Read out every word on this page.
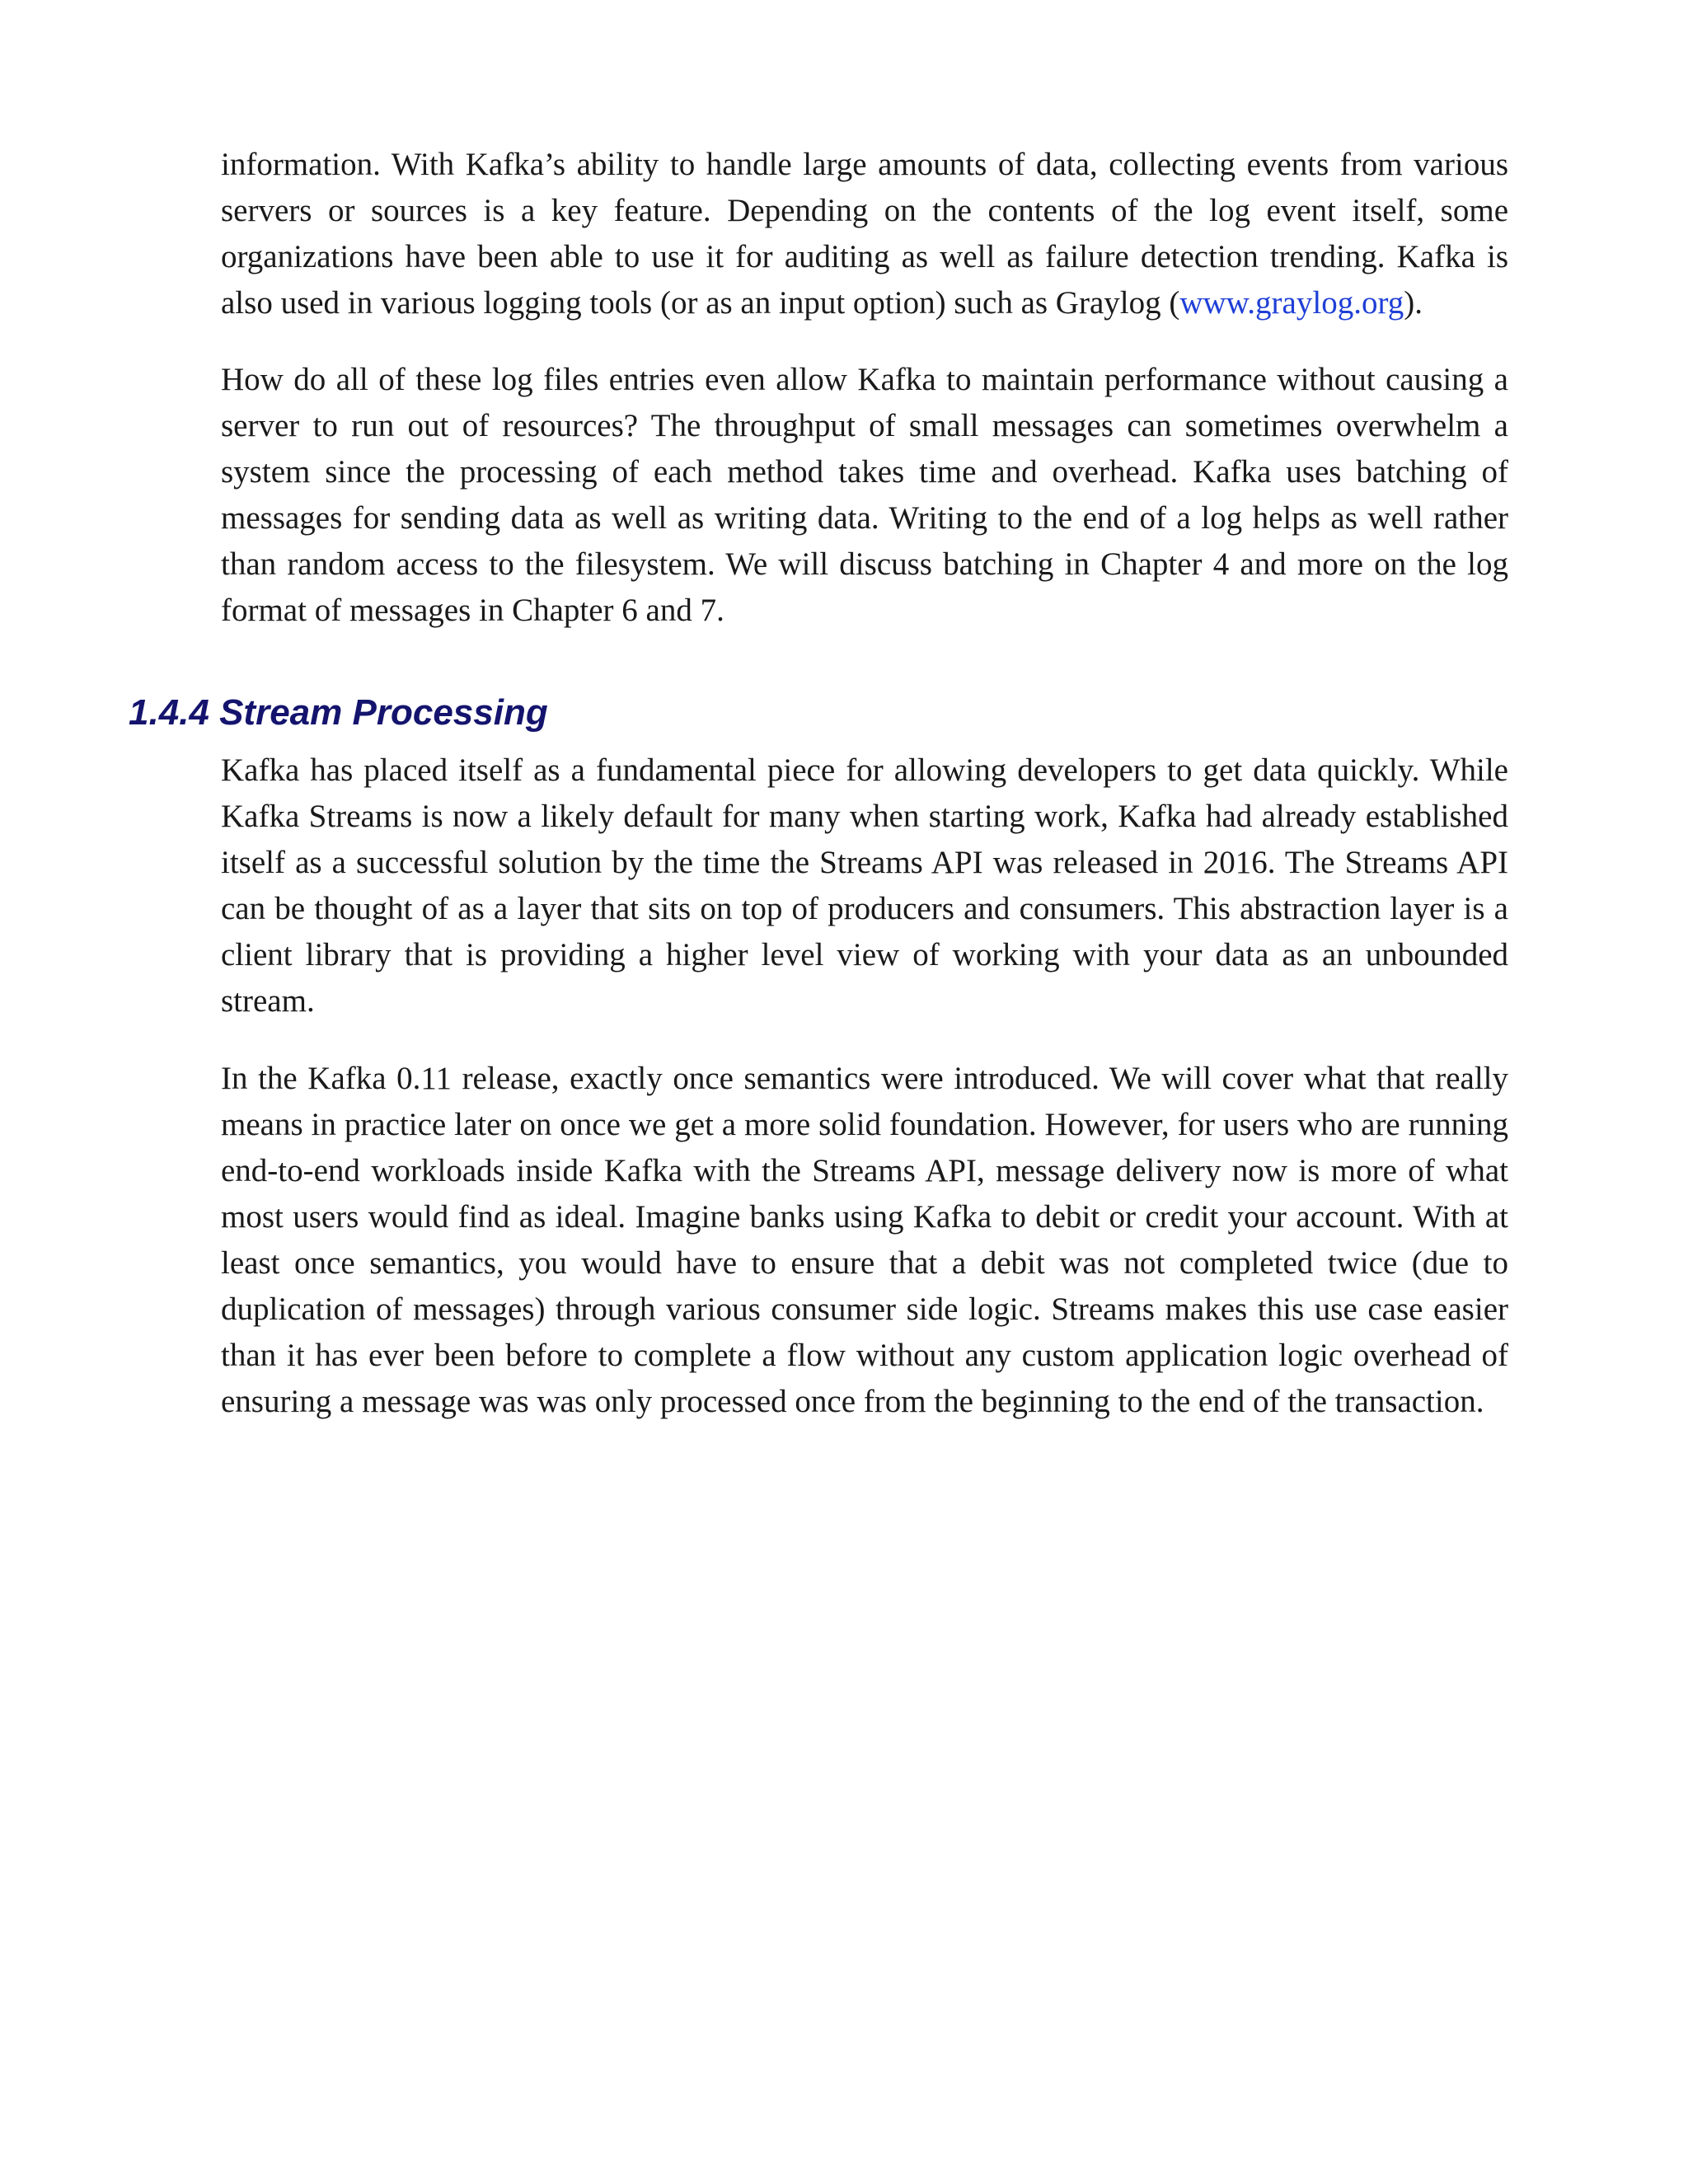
information. With Kafka’s ability to handle large amounts of data, collecting events from various servers or sources is a key feature. Depending on the contents of the log event itself, some organizations have been able to use it for auditing as well as failure detection trending. Kafka is also used in various logging tools (or as an input option) such as Graylog (www.graylog.org).

How do all of these log files entries even allow Kafka to maintain performance without causing a server to run out of resources? The throughput of small messages can sometimes overwhelm a system since the processing of each method takes time and overhead. Kafka uses batching of messages for sending data as well as writing data. Writing to the end of a log helps as well rather than random access to the filesystem. We will discuss batching in Chapter 4 and more on the log format of messages in Chapter 6 and 7.

1.4.4 Stream Processing

Kafka has placed itself as a fundamental piece for allowing developers to get data quickly. While Kafka Streams is now a likely default for many when starting work, Kafka had already established itself as a successful solution by the time the Streams API was released in 2016. The Streams API can be thought of as a layer that sits on top of producers and consumers. This abstraction layer is a client library that is providing a higher level view of working with your data as an unbounded stream.

In the Kafka 0.11 release, exactly once semantics were introduced. We will cover what that really means in practice later on once we get a more solid foundation. However, for users who are running end-to-end workloads inside Kafka with the Streams API, message delivery now is more of what most users would find as ideal. Imagine banks using Kafka to debit or credit your account. With at least once semantics, you would have to ensure that a debit was not completed twice (due to duplication of messages) through various consumer side logic. Streams makes this use case easier than it has ever been before to complete a flow without any custom application logic overhead of ensuring a message was was only processed once from the beginning to the end of the transaction.
